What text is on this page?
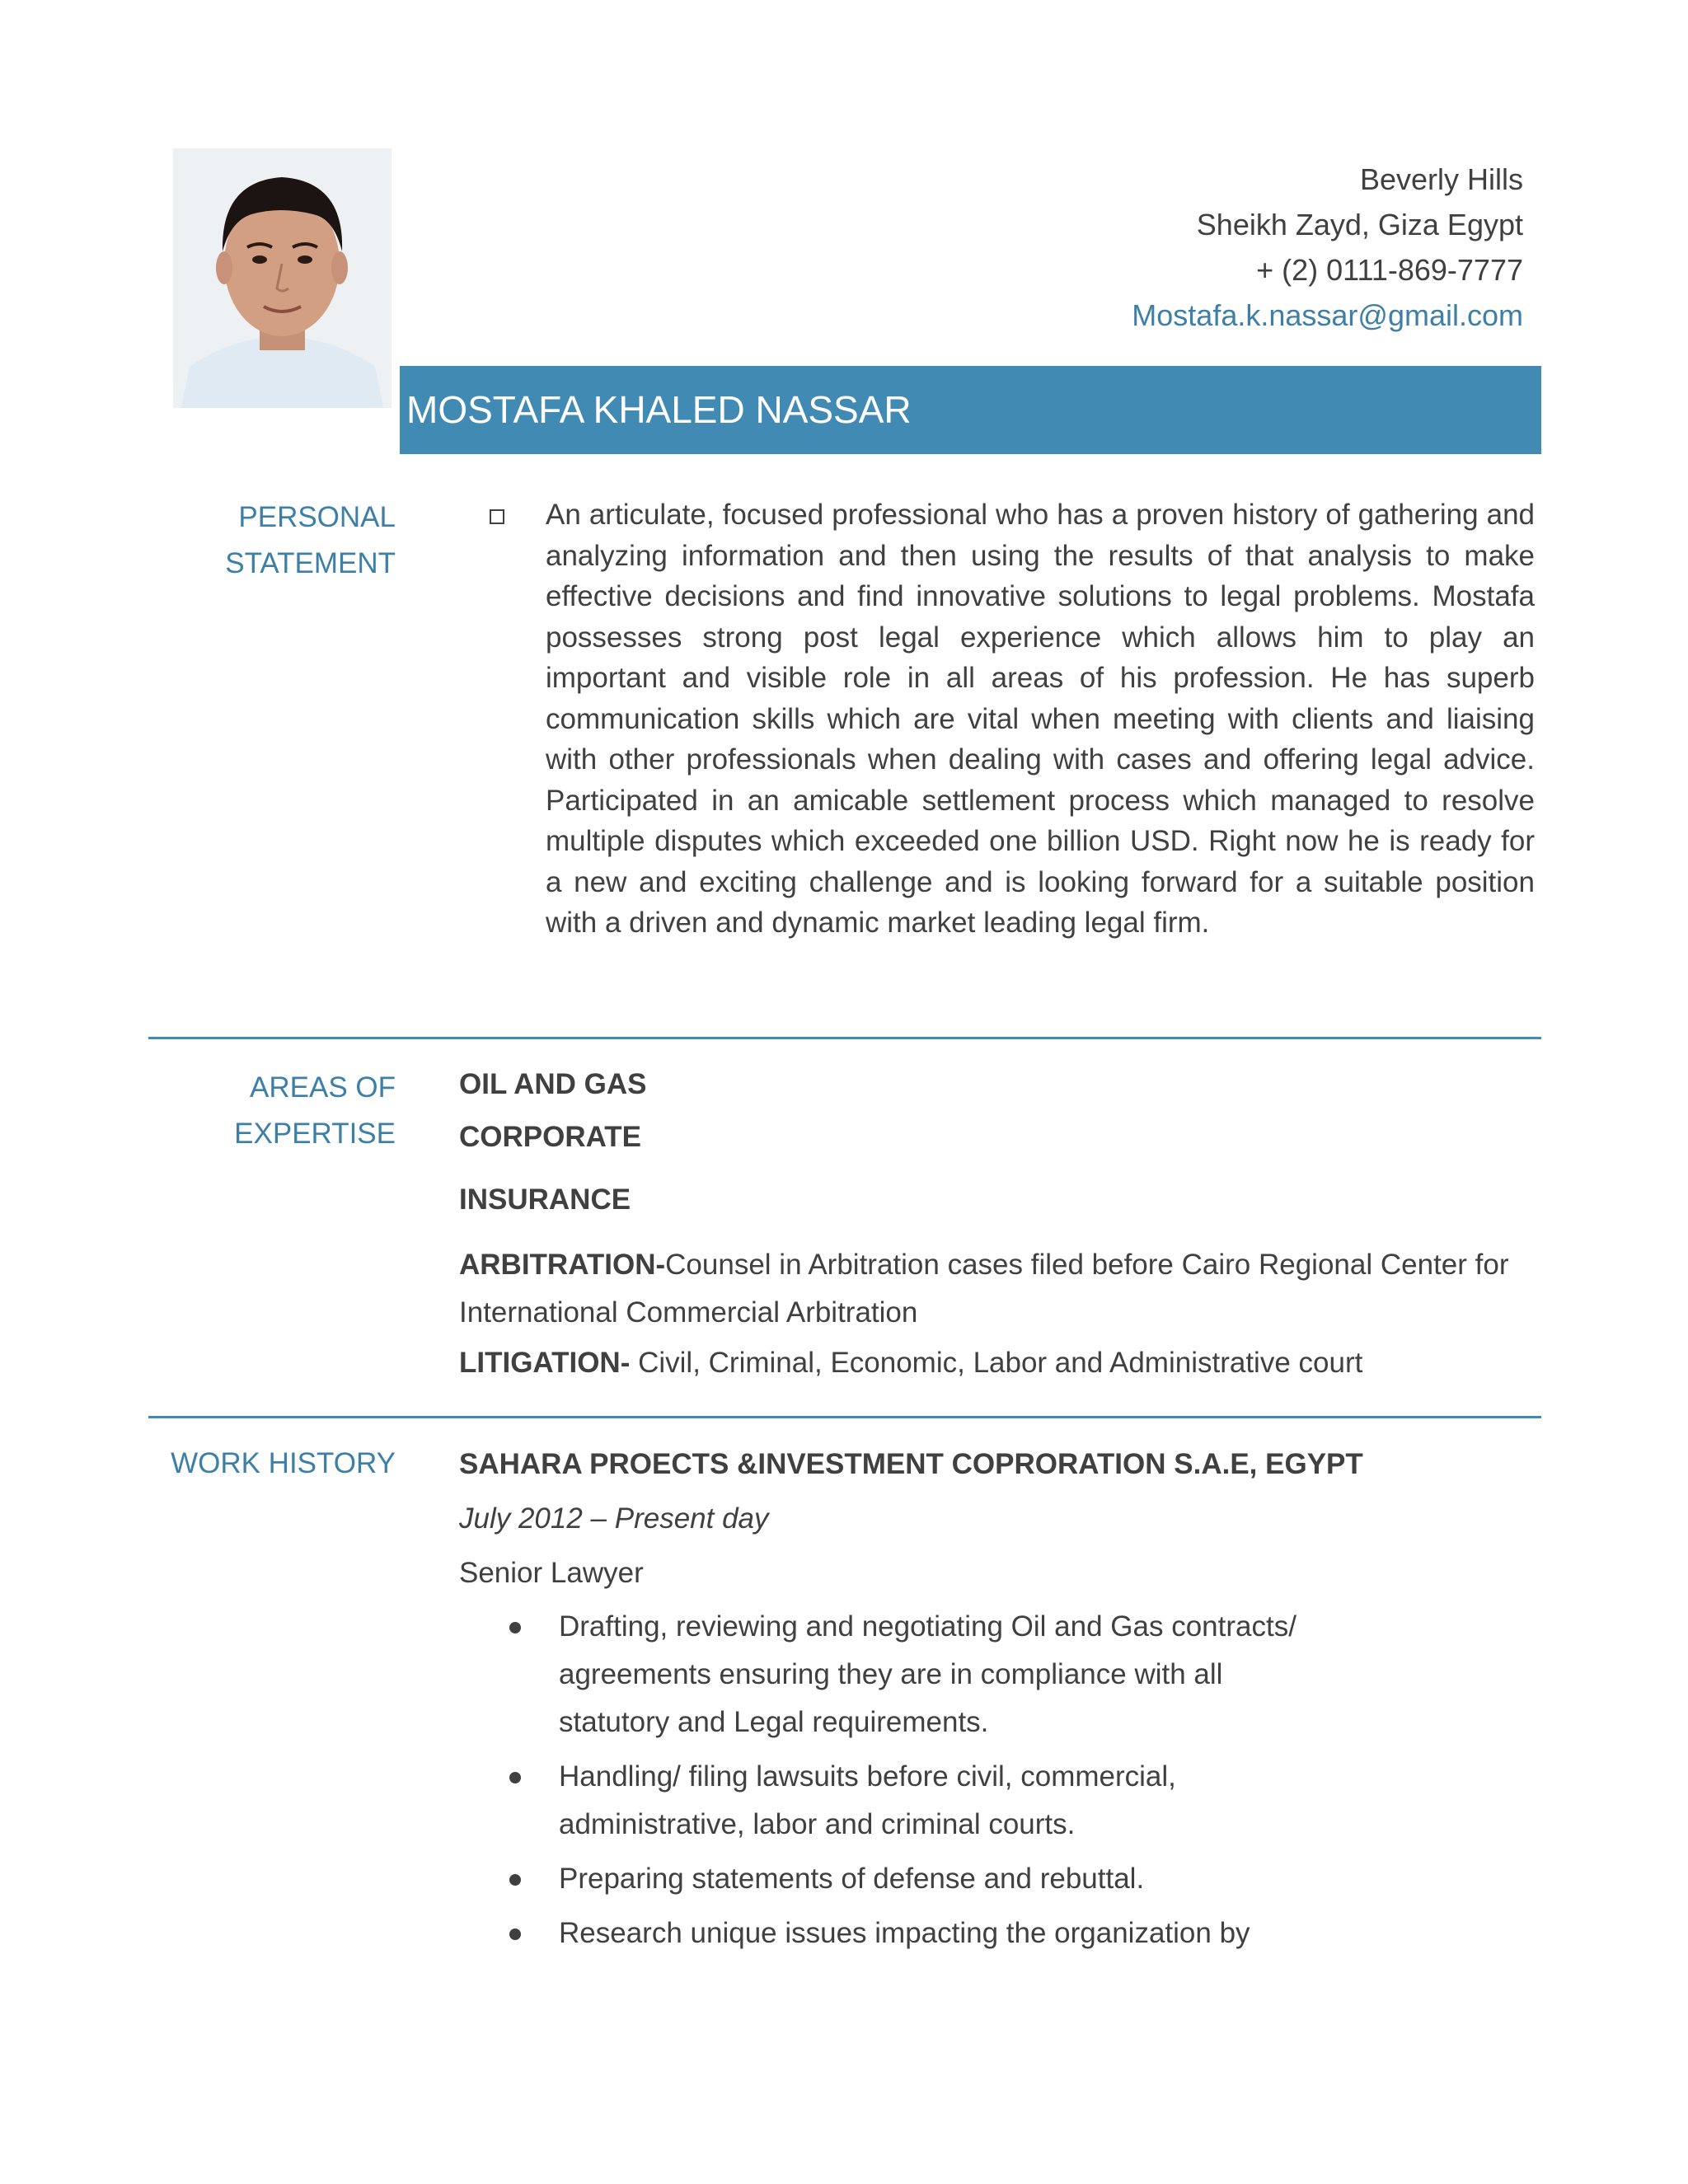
Beverly Hills
Sheikh Zayd, Giza Egypt
+ (2) 0111-869-7777
Mostafa.k.nassar@gmail.com
MOSTAFA KHALED NASSAR
PERSONAL
STATEMENT
An articulate, focused professional who has a proven history of gathering and analyzing information and then using the results of that analysis to make effective decisions and find innovative solutions to legal problems. Mostafa possesses strong post legal experience which allows him to play an important and visible role in all areas of his profession. He has superb communication skills which are vital when meeting with clients and liaising with other professionals when dealing with cases and offering legal advice. Participated in an amicable settlement process which managed to resolve multiple disputes which exceeded one billion USD. Right now he is ready for a new and exciting challenge and is looking forward for a suitable position with a driven and dynamic market leading legal firm.
AREAS OF
EXPERTISE
OIL AND GAS
CORPORATE
INSURANCE
ARBITRATION-Counsel in Arbitration cases filed before Cairo Regional Center for
International Commercial Arbitration
LITIGATION- Civil, Criminal, Economic, Labor and Administrative court
WORK HISTORY SAHARA PROECTS &INVESTMENT COPRORATION S.A.E, EGYPT
July 2012 – Present day
Senior Lawyer
Drafting, reviewing and negotiating Oil and Gas contracts/ agreements ensuring they are in compliance with all statutory and Legal requirements.
Handling/ filing lawsuits before civil, commercial, administrative, labor and criminal courts.
Preparing statements of defense and rebuttal.
Research unique issues impacting the organization by
